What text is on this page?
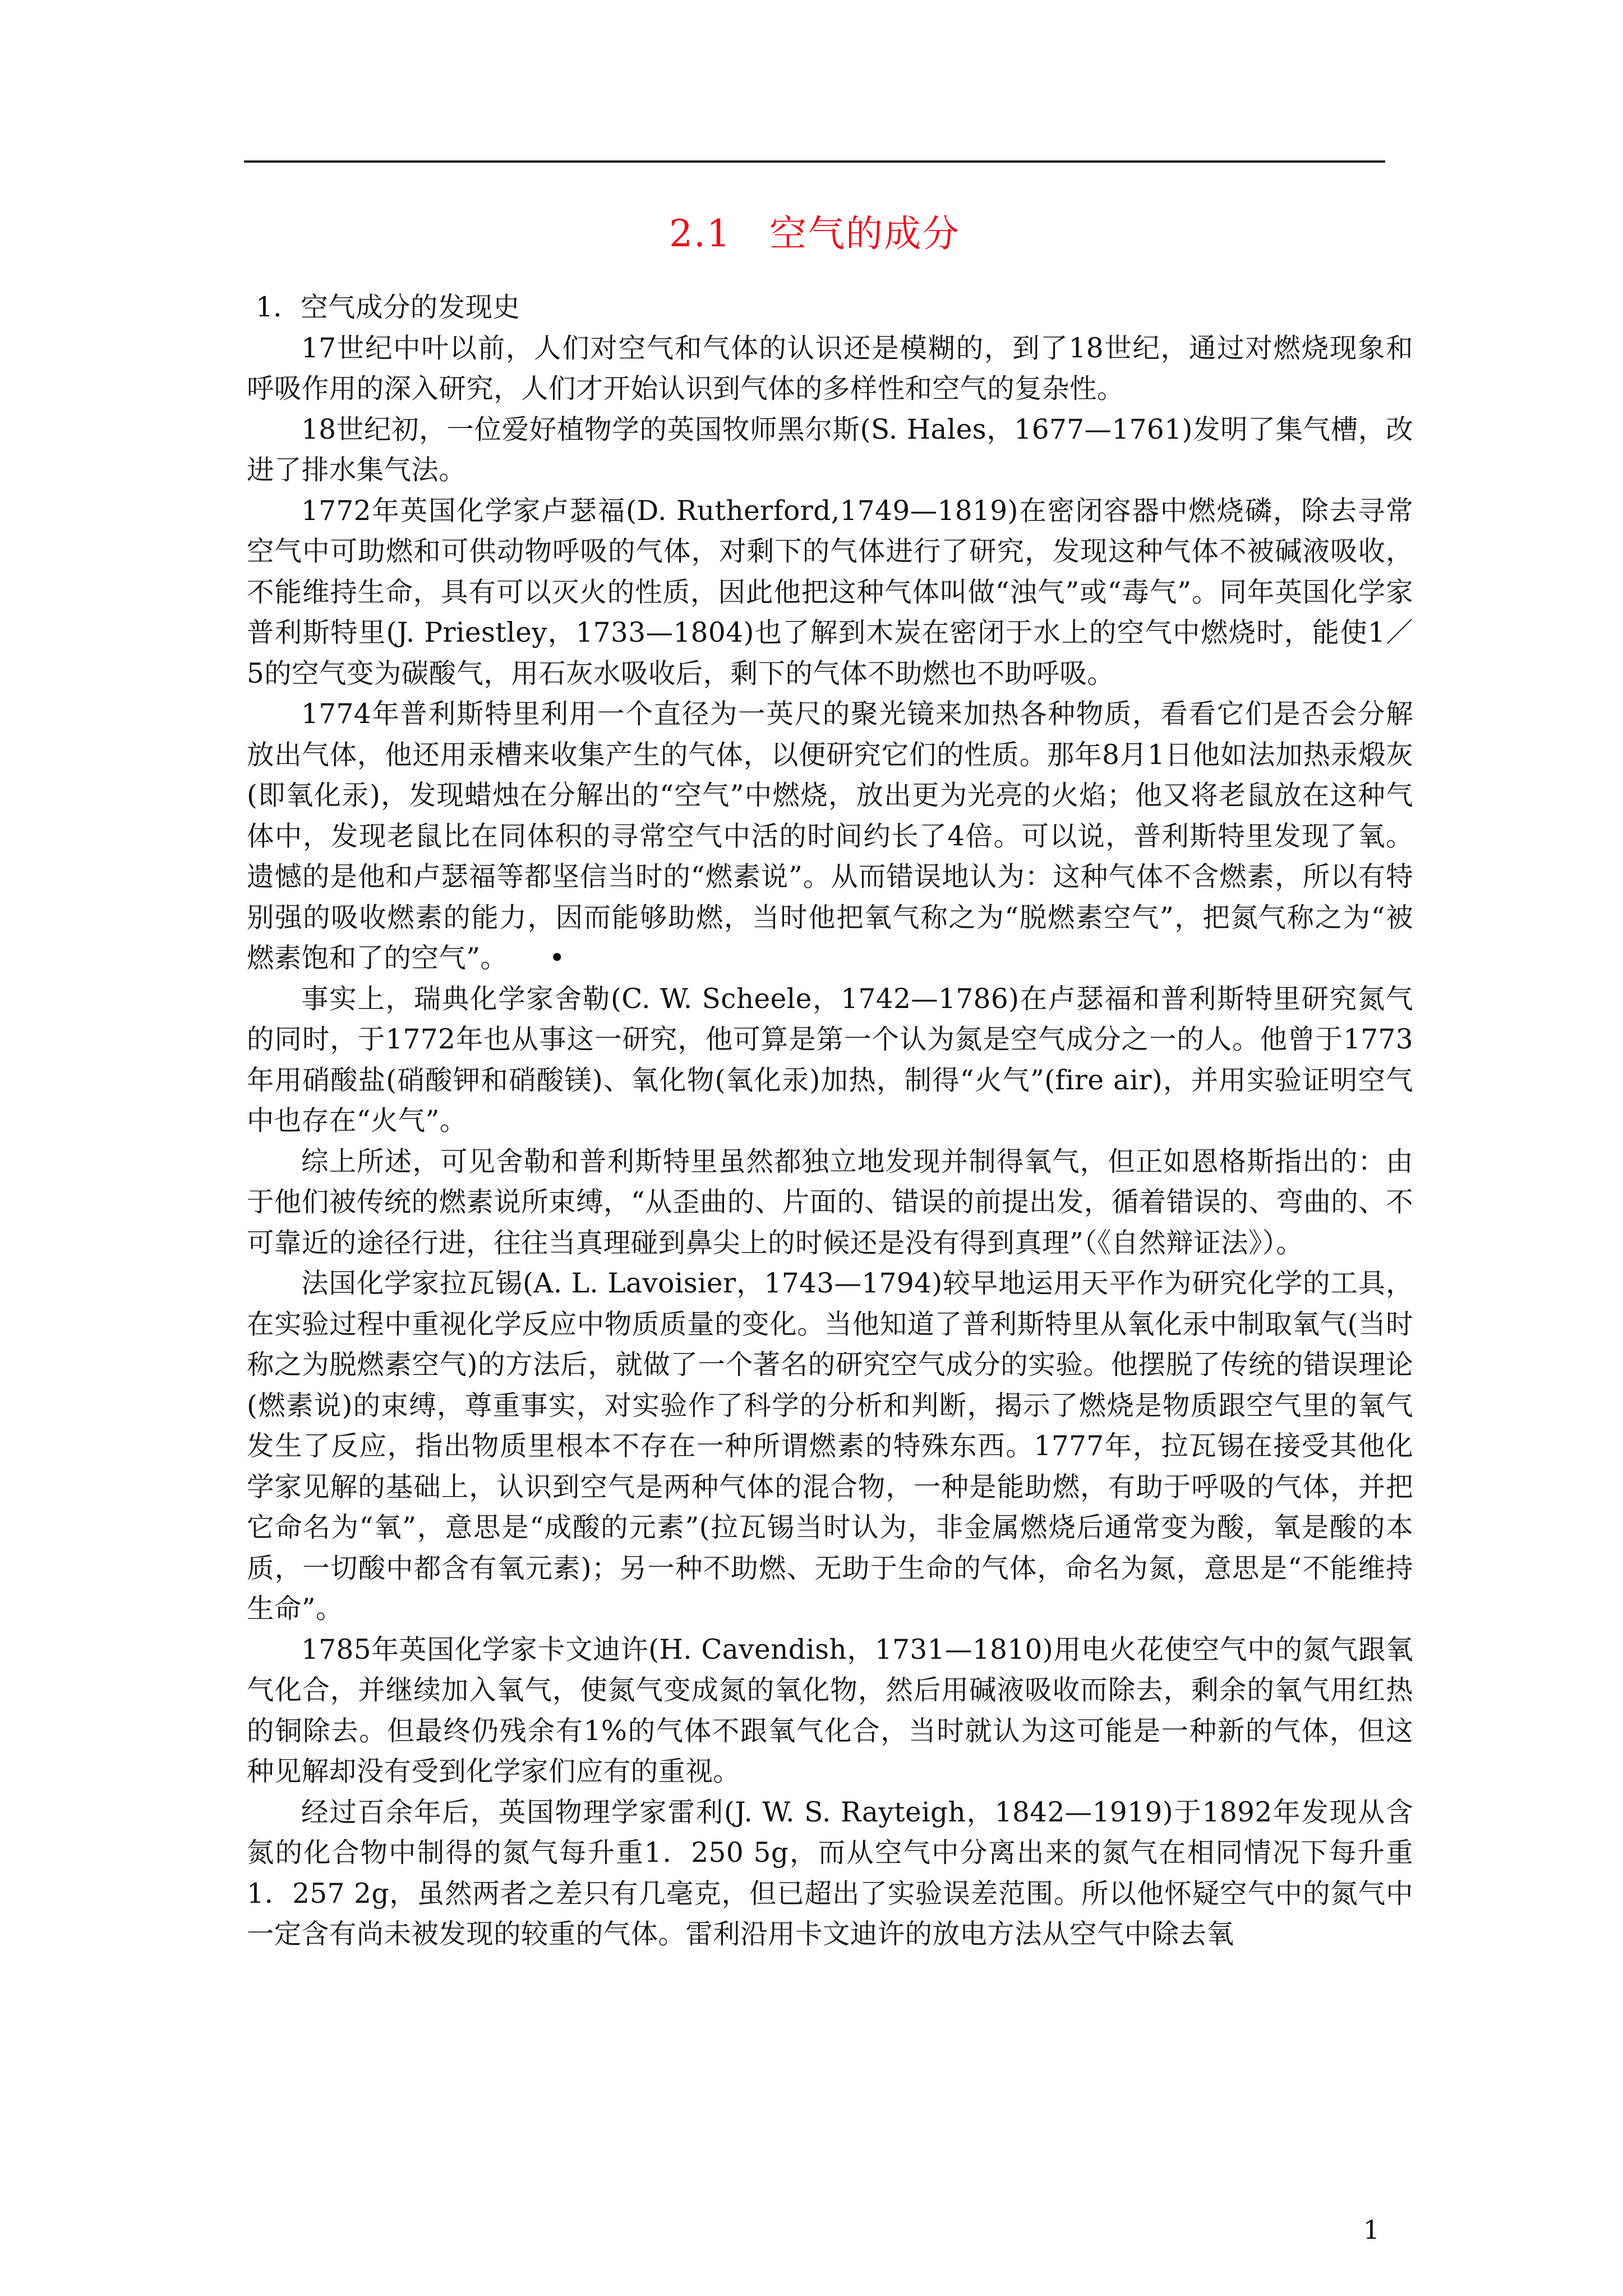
2.1　空气的成分

1．空气成分的发现史

17世纪中叶以前，人们对空气和气体的认识还是模糊的，到了18世纪，通过对燃烧现象和呼吸作用的深入研究，人们才开始认识到气体的多样性和空气的复杂性。

18世纪初，一位爱好植物学的英国牧师黑尔斯(S. Hales，1677—1761)发明了集气槽，改进了排水集气法。

1772年英国化学家卢瑟福(D. Rutherford,1749—1819)在密闭容器中燃烧磷，除去寻常空气中可助燃和可供动物呼吸的气体，对剩下的气体进行了研究，发现这种气体不被碱液吸收，不能维持生命，具有可以灭火的性质，因此他把这种气体叫做“浊气”或“毒气”。同年英国化学家普利斯特里(J. Priestley，1733—1804)也了解到木炭在密闭于水上的空气中燃烧时，能使1／5的空气变为碳酸气，用石灰水吸收后，剩下的气体不助燃也不助呼吸。

1774年普利斯特里利用一个直径为一英尺的聚光镜来加热各种物质，看看它们是否会分解放出气体，他还用汞槽来收集产生的气体，以便研究它们的性质。那年8月1日他如法加热汞煅灰(即氧化汞)，发现蜡烛在分解出的“空气”中燃烧，放出更为光亮的火焰；他又将老鼠放在这种气体中，发现老鼠比在同体积的寻常空气中活的时间约长了4倍。可以说，普利斯特里发现了氧。遗憾的是他和卢瑟福等都坚信当时的“燃素说”。从而错误地认为：这种气体不含燃素，所以有特别强的吸收燃素的能力，因而能够助燃，当时他把氧气称之为“脱燃素空气”，把氮气称之为“被燃素饱和了的空气”。　　•

事实上，瑞典化学家舍勒(C. W. Scheele，1742—1786)在卢瑟福和普利斯特里研究氮气的同时，于1772年也从事这一研究，他可算是第一个认为氮是空气成分之一的人。他曾于1773年用硝酸盐(硝酸钾和硝酸镁)、氧化物(氧化汞)加热，制得“火气”(fire air)，并用实验证明空气中也存在“火气”。

综上所述，可见舍勒和普利斯特里虽然都独立地发现并制得氧气，但正如恩格斯指出的：由于他们被传统的燃素说所束缚，“从歪曲的、片面的、错误的前提出发，循着错误的、弯曲的、不可靠近的途径行进，往往当真理碰到鼻尖上的时候还是没有得到真理”（《自然辩证法》）。

法国化学家拉瓦锡(A. L. Lavoisier，1743—1794)较早地运用天平作为研究化学的工具，在实验过程中重视化学反应中物质质量的变化。当他知道了普利斯特里从氧化汞中制取氧气(当时称之为脱燃素空气)的方法后，就做了一个著名的研究空气成分的实验。他摆脱了传统的错误理论(燃素说)的束缚，尊重事实，对实验作了科学的分析和判断，揭示了燃烧是物质跟空气里的氧气发生了反应，指出物质里根本不存在一种所谓燃素的特殊东西。1777年，拉瓦锡在接受其他化学家见解的基础上，认识到空气是两种气体的混合物，一种是能助燃，有助于呼吸的气体，并把它命名为“氧”，意思是“成酸的元素”(拉瓦锡当时认为，非金属燃烧后通常变为酸，氧是酸的本质，一切酸中都含有氧元素)；另一种不助燃、无助于生命的气体，命名为氮，意思是“不能维持生命”。

1785年英国化学家卡文迪许(H. Cavendish，1731—1810)用电火花使空气中的氮气跟氧气化合，并继续加入氧气，使氮气变成氮的氧化物，然后用碱液吸收而除去，剩余的氧气用红热的铜除去。但最终仍残余有1%的气体不跟氧气化合，当时就认为这可能是一种新的气体，但这种见解却没有受到化学家们应有的重视。

经过百余年后，英国物理学家雷利(J. W. S. Rayteigh，1842—1919)于1892年发现从含氮的化合物中制得的氮气每升重1．250 5g，而从空气中分离出来的氮气在相同情况下每升重1．257 2g，虽然两者之差只有几毫克，但已超出了实验误差范围。所以他怀疑空气中的氮气中一定含有尚未被发现的较重的气体。雷利沿用卡文迪许的放电方法从空气中除去氧

1
